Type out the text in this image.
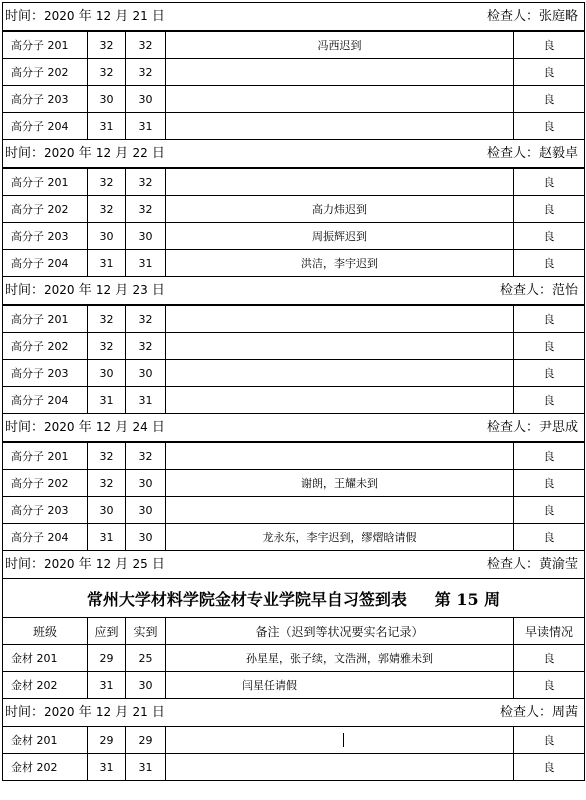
时间：2020 年 12 月 21 日 检查人：张庭略				

高分子 201	32	32	冯西迟到	良
高分子 202	32	32		良
高分子 203	30	30		良
高分子 204	31	31		良

时间：2020 年 12 月 22 日 检查人：赵毅卓				

高分子 201	32	32		良
高分子 202	32	32	高力炜迟到	良
高分子 203	30	30	周振辉迟到	良
高分子 204	31	31	洪洁，李宇迟到	良

时间：2020 年 12 月 23 日 检查人：范怡				

高分子 201	32	32		良
高分子 202	32	32		良
高分子 203	30	30		良
高分子 204	31	31		良

时间：2020 年 12 月 24 日 检查人：尹思成				

高分子 201	32	32		良
高分子 202	32	30	谢朗，王耀未到	良
高分子 203	30	30		良
高分子 204	31	30	龙永东，李宇迟到，缪熠晗请假	良

时间：2020 年 12 月 25 日 检查人：黄渝莹				

常州大学材料学院金材专业学院早自习签到表 第 15 周				
班级	应到	实到	备注（迟到等状况要实名记录）	早读情况
金材 201	29	25	孙星星，张子续，文浩洲，郭婧雅未到	良
金材 202	31	30	闫星任请假	良

时间：2020 年 12 月 21 日 检查人：周茜				

金材 201	29	29		良
金材 202	31	31		良
